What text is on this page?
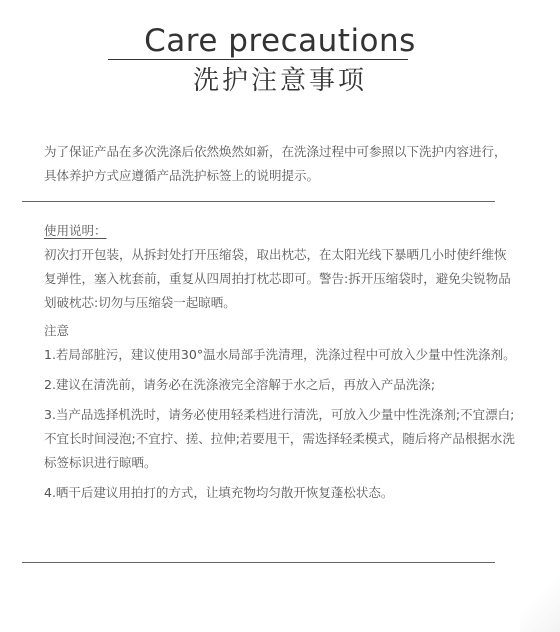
Care precautions
洗护注意事项

为了保证产品在多次洗涤后依然焕然如新，在洗涤过程中可参照以下洗护内容进行，具体养护方式应遵循产品洗护标签上的说明提示。

使用说明：

初次打开包装，从拆封处打开压缩袋，取出枕芯，在太阳光线下暴晒几小时使纤维恢复弹性，塞入枕套前，重复从四周拍打枕芯即可。警告:拆开压缩袋时，避免尖锐物品划破枕芯:切勿与压缩袋一起晾晒。

注意

1.若局部脏污，建议使用30°温水局部手洗清理，洗涤过程中可放入少量中性洗涤剂。

2.建议在清洗前，请务必在洗涤液完全溶解于水之后，再放入产品洗涤;

3.当产品选择机洗时，请务必使用轻柔档进行清洗，可放入少量中性洗涤剂;不宜漂白;不宜长时间浸泡;不宜拧、搓、拉伸;若要甩干，需选择轻柔模式，随后将产品根据水洗标签标识进行晾晒。

4.晒干后建议用拍打的方式，让填充物均匀散开恢复蓬松状态。
